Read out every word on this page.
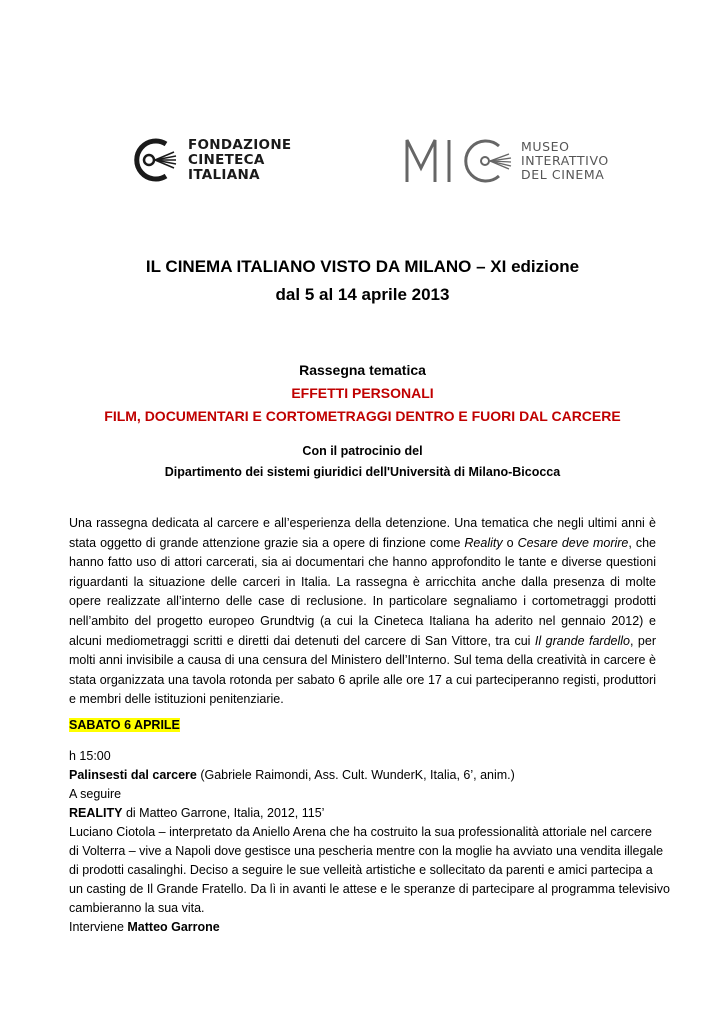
FONDAZIONE
CINETECA
ITALIANA
MUSEO
INTERATTIVO
DEL CINEMA
IL CINEMA ITALIANO VISTO DA MILANO – XI edizione
dal 5 al 14 aprile 2013
Rassegna tematica
EFFETTI PERSONALI
FILM, DOCUMENTARI E CORTOMETRAGGI DENTRO E FUORI DAL CARCERE
Con il patrocinio del
Dipartimento dei sistemi giuridici dell'Università di Milano-Bicocca
Una rassegna dedicata al carcere e all’esperienza della detenzione. Una tematica che negli ultimi anni è stata oggetto di grande attenzione grazie sia a opere di finzione come Reality o Cesare deve morire, che hanno fatto uso di attori carcerati, sia ai documentari che hanno approfondito le tante e diverse questioni riguardanti la situazione delle carceri in Italia. La rassegna è arricchita anche dalla presenza di molte opere realizzate all’interno delle case di reclusione. In particolare segnaliamo i cortometraggi prodotti nell’ambito del progetto europeo Grundtvig (a cui la Cineteca Italiana ha aderito nel gennaio 2012) e alcuni mediometraggi scritti e diretti dai detenuti del carcere di San Vittore, tra cui Il grande fardello, per molti anni invisibile a causa di una censura del Ministero dell’Interno. Sul tema della creatività in carcere è stata organizzata una tavola rotonda per sabato 6 aprile alle ore 17 a cui parteciperanno registi, produttori e membri delle istituzioni penitenziarie.
SABATO 6 APRILE
h 15:00
Palinsesti dal carcere (Gabriele Raimondi, Ass. Cult. WunderK, Italia, 6’, anim.)
A seguire
REALITY di Matteo Garrone, Italia, 2012, 115’
Luciano Ciotola – interpretato da Aniello Arena che ha costruito la sua professionalità attoriale nel carcere
di Volterra – vive a Napoli dove gestisce una pescheria mentre con la moglie ha avviato una vendita illegale
di prodotti casalinghi. Deciso a seguire le sue velleità artistiche e sollecitato da parenti e amici partecipa a
un casting de Il Grande Fratello. Da lì in avanti le attese e le speranze di partecipare al programma televisivo
cambieranno la sua vita.
Interviene Matteo Garrone
